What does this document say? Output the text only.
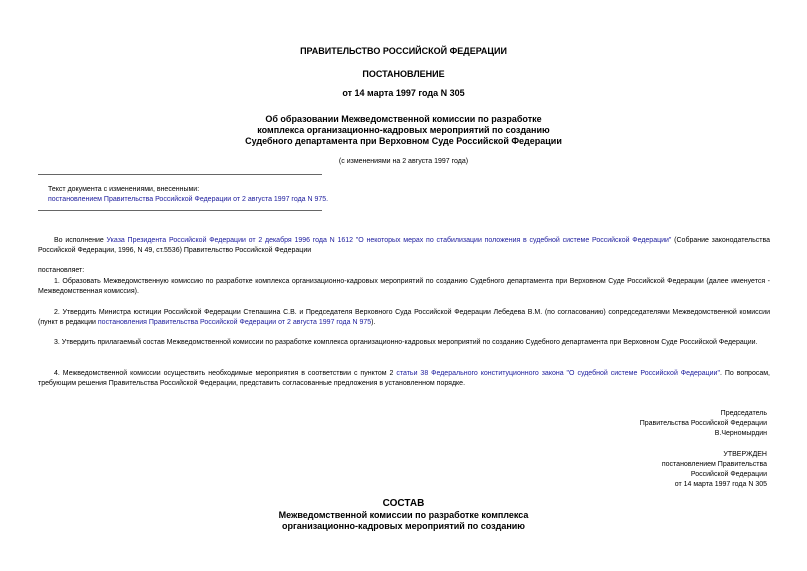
ПРАВИТЕЛЬСТВО РОССИЙСКОЙ ФЕДЕРАЦИИ

ПОСТАНОВЛЕНИЕ

от 14 марта 1997 года N 305

Об образовании Межведомственной комиссии по разработке
комплекса организационно-кадровых мероприятий по созданию
Судебного департамента при Верховном Суде Российской Федерации

(с изменениями на 2 августа 1997 года)

Текст документа с изменениями, внесенными:
постановлением Правительства Российской Федерации от 2 августа 1997 года N 975.

Во исполнение Указа Президента Российской Федерации от 2 декабря 1996 года N 1612 "О некоторых мерах по стабилизации положения в судебной системе Российской Федерации" (Собрание законодательства Российской Федерации, 1996, N 49, ст.5536) Правительство Российской Федерации

постановляет:

1. Образовать Межведомственную комиссию по разработке комплекса организационно-кадровых мероприятий по созданию Судебного департамента при Верховном Суде Российской Федерации (далее именуется - Межведомственная комиссия).

2. Утвердить Министра юстиции Российской Федерации Степашина С.В. и Председателя Верховного Суда Российской Федерации Лебедева В.М. (по согласованию) сопредседателями Межведомственной комиссии (пункт в редакции постановления Правительства Российской Федерации от 2 августа 1997 года N 975).

3. Утвердить прилагаемый состав Межведомственной комиссии по разработке комплекса организационно-кадровых мероприятий по созданию Судебного департамента при Верховном Суде Российской Федерации.

4. Межведомственной комиссии осуществить необходимые мероприятия в соответствии с пунктом 2 статьи 38 Федерального конституционного закона "О судебной системе Российской Федерации". По вопросам, требующим решения Правительства Российской Федерации, представить согласованные предложения в установленном порядке.

Председатель
Правительства Российской Федерации
В.Черномырдин
УТВЕРЖДЕН
постановлением Правительства
Российской Федерации
от 14 марта 1997 года N 305

СОСТАВ

Межведомственной комиссии по разработке комплекса
организационно-кадровых мероприятий по созданию
